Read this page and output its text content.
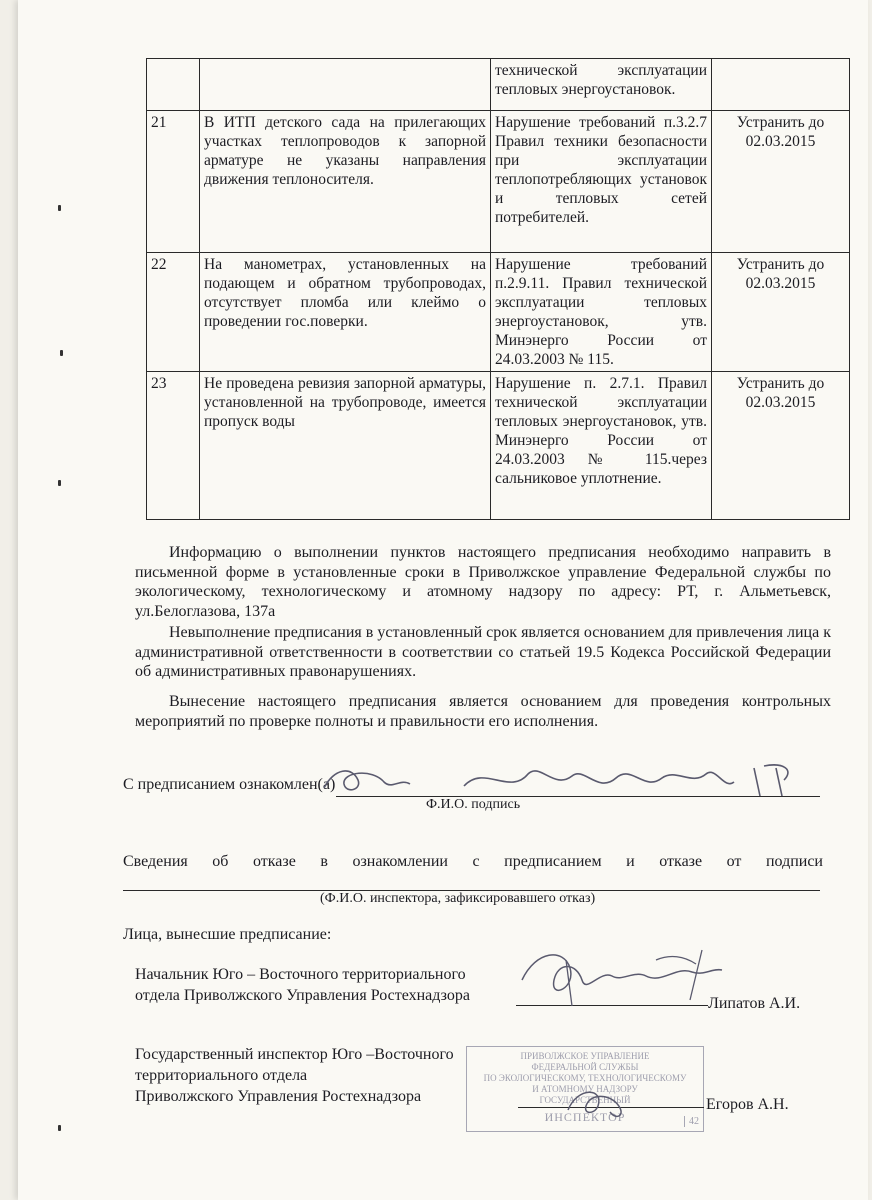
		технической эксплуатации тепловых энергоустановок.	
21	В ИТП детского сада на прилегающих участках теплопроводов к запорной арматуре не указаны направления движения теплоносителя.	Нарушение требований п.3.2.7 Правил техники безопасности при эксплуатации теплопотребляющих установок и тепловых сетей потребителей.	Устранить до 02.03.2015
22	На манометрах, установленных на подающем и обратном трубопроводах, отсутствует пломба или клеймо о проведении гос.поверки.	Нарушение требований п.2.9.11. Правил технической эксплуатации тепловых энергоустановок, утв. Минэнерго России от 24.03.2003 № 115.	Устранить до 02.03.2015
23	Не проведена ревизия запорной арматуры, установленной на трубопроводе, имеется пропуск воды	Нарушение п. 2.7.1. Правил технической эксплуатации тепловых энергоустановок, утв. Минэнерго России от 24.03.2003 № 115.через сальниковое уплотнение.	Устранить до 02.03.2015
Информацию о выполнении пунктов настоящего предписания необходимо направить в письменной форме в установленные сроки в Приволжское управление Федеральной службы по экологическому, технологическому и атомному надзору по адресу: РТ, г. Альметьевск, ул.Белоглазова, 137а
Невыполнение предписания в установленный срок является основанием для привлечения лица к административной ответственности в соответствии со статьей 19.5 Кодекса Российской Федерации об административных правонарушениях.
Вынесение настоящего предписания является основанием для проведения контрольных мероприятий по проверке полноты и правильности его исполнения.
С предписанием ознакомлен(а)
Ф.И.О. подпись
Сведения об отказе в ознакомлении с предписанием и отказе от подписи
(Ф.И.О. инспектора, зафиксировавшего отказ)
Лица, вынесшие предписание:
Начальник Юго – Восточного территориального
отдела Приволжского Управления Ростехнадзора	Липатов А.И.
Государственный инспектор Юго –Восточного
территориального отдела
Приволжского Управления Ростехнадзора
ПРИВОЛЖСКОЕ УПРАВЛЕНИЕ
ФЕДЕРАЛЬНОЙ СЛУЖБЫ
ПО ЭКОЛОГИЧЕСКОМУ, ТЕХНОЛОГИЧЕСКОМУ
И АТОМНОМУ НАДЗОРУ
ГОСУДАРСТВЕННЫЙ
ИНСПЕКТОР	42
Егоров А.Н.
